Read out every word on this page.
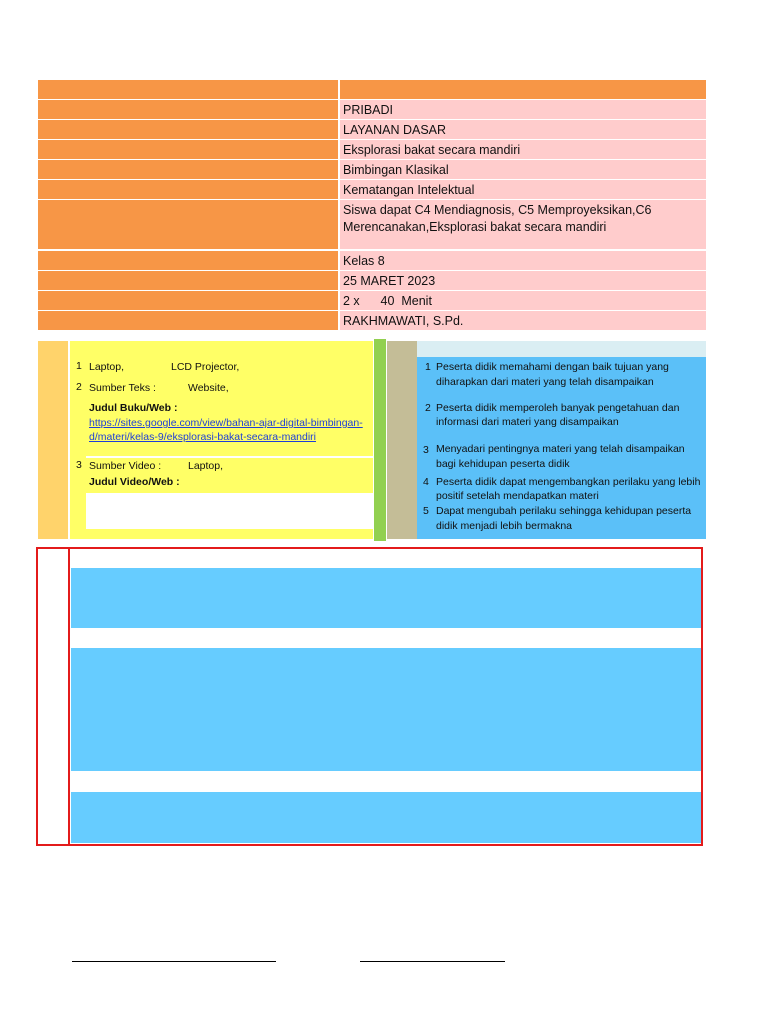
PRIBADI
LAYANAN DASAR
Eksplorasi bakat secara mandiri
Bimbingan Klasikal
Kematangan Intelektual
Siswa dapat C4 Mendiagnosis, C5 Memproyeksikan,C6 Merencanakan,Eksplorasi bakat secara mandiri
Kelas 8
25 MARET 2023
2 x      40  Menit
RAKHMAWATI, S.Pd.
1 Laptop,	LCD Projector,
2 Sumber Teks :	Website,
Judul Buku/Web :
https://sites.google.com/view/bahan-ajar-digital-bimbingan-
d/materi/kelas-9/eksplorasi-bakat-secara-mandiri
3 Sumber Video :	Laptop,
Judul Video/Web :
1 Peserta didik memahami dengan baik tujuan yang
diharapkan dari materi yang telah disampaikan
2 Peserta didik memperoleh banyak pengetahuan dan
informasi dari materi yang disampaikan
3 Menyadari pentingnya materi yang telah disampaikan
bagi kehidupan peserta didik
4 Peserta didik dapat mengembangkan perilaku yang lebih
positif setelah mendapatkan materi
5 Dapat mengubah perilaku sehingga kehidupan peserta
didik menjadi lebih bermakna
